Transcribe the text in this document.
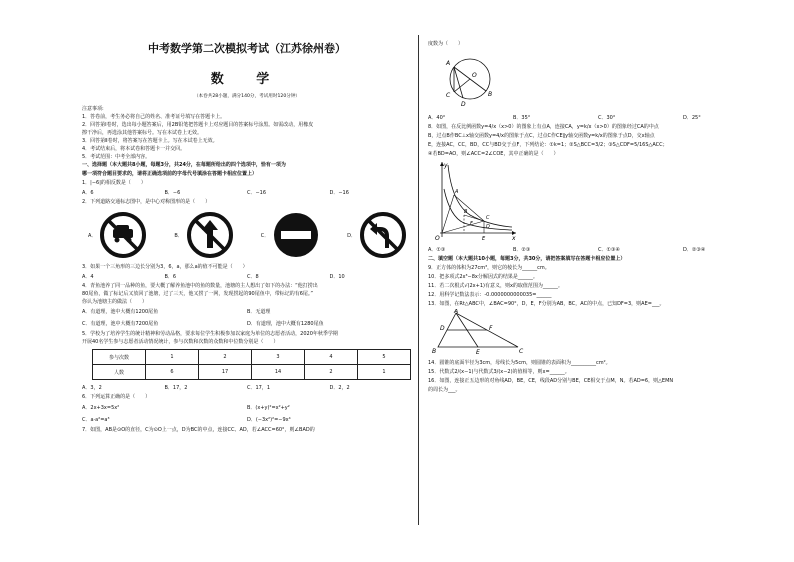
中考数学第二次模拟考试（江苏徐州卷）
数 学
（本卷共28小题，满分140分，考试用时120分钟）
注意事项:
1．答卷前，考生务必将自己的姓名、准考证号填写在答题卡上。
2．回答第Ⅰ卷时，选出每小题答案后，用2B铅笔把答题卡上对应题目的答案标号涂黑。如需改动，用橡皮
擦干净后，再选涂其他答案标号。写在本试卷上无效。
3．回答第Ⅱ卷时，将答案写在答题卡上。写在本试卷上无效。
4．考试结束后，将本试卷和答题卡一并交回。
5．考试范围：中考全部内容。
一、选择题（本大题共8小题，每题3分，共24分，在每题所给出的四个选项中，恰有一项为
哪一项符合题目要求的，请将正确选项前的字母代号填涂在答题卡相应位置上）
1．|−6|的相反数是（　　）
A．6	B．−6	C．−16	D．−16
2．下列道路交通标志图中，是中心对称图形的是（　　）
A．	B．	C．	D．
3．如果一个三角形的三边长分别为3，6，a，那么a的值不可能是（　　）
A．4	B．6	C．8	D．10
4．青鱼池养了同一品种的鱼，要大概了解养鱼池中的鱼的数量，池塘的主人想出了如下的办法：“他打捞出
80尾鱼，做了标记后又放回了池塘，过了三天，他又捞了一网，发现捞起的90尾鱼中，带标记的有6尾。”
你认为池塘主的做法（　　）
A．有道理，池中大概有1200尾鱼	B．无道理
C．有道理，池中大概有7200尾鱼	D．有道理，池中大概有1280尾鱼
5．学校为了培养学生的统计精神和劳动品格，要求每位学生积极参加以家庭为单位的志愿者活动，2020年秋季学期
开展40名学生参与志愿者活动情况统计，参与次数和次数的众数和中位数分别是（　　）
参与次数	1	2	3	4	5
人数	6	17	14	2	1
A．3，2	B．17，2	C．17，1	D．2，2
6．下列运算正确的是（　　）
A．2x+3x=5x²	B．(x+y)²=x²+y²
C．a·a²=a³	D．(−3x²)²=−9x⁴
7．如图，AB是⊙O的直径，C为⊙O上一点，D为BC的中点，连接CC、AD，若∠ACC=60°，则∠BAD的
度数为（　　）
A
O
B
C
D
A．40°	B．35°	C．30°	D．25°
8．如图，在反比例函数y=4/x（x>0）的图象上有点A，连接CA，y=k/x（x>0）的图象经过CA的中点
B，过点B作BC⊥x轴交函数y=4/x的图象于点C，过点C作CE∥y轴交函数y=k/x的图象于点D，交x轴点
E，连接AC，CC，BD，CC与BD交于点F，下列结论：①k=1；②S△BCC=3/2；③S△CDF=5/16S△ACC；
④若BD=AO，则∠ACC=2∠COE，其中正确的是（　　）
y
x
O
A
B
C
D
E
F
A．①③	B．②③	C．①③④	D．②③④
二、填空题（本大题共10小题，每题3分，共30分，请把答案填写在答题卡相应位置上）
9．正方体的体积为27cm³，则它的棱长为______cm。
10．把多项式2x³−8x分解因式的结果是______。
11．若二次根式√(2x+1)有意义，则x的取值范围为______。
12．用科学记数法表示：-0.0000000000035=______
13．如图，在Rt△ABC中，∠BAC=90°，D，E，F分别为AB，BC，AC的中点，已知DF=3，则AE=___。
A
D	F
B	E	C
14．圆锥的底面半径为3cm，母线长为5cm，则圆锥的表面积为__________cm²。
15．代数式2/(x−1)与代数式3/(x−2)的值相等，则x=______。
16．如图，连接正五边形的对角线AD，BE，CE，线段AD分别与BE，CE相交于点M，N。若AD=6，则△EMN
的周长为___。
